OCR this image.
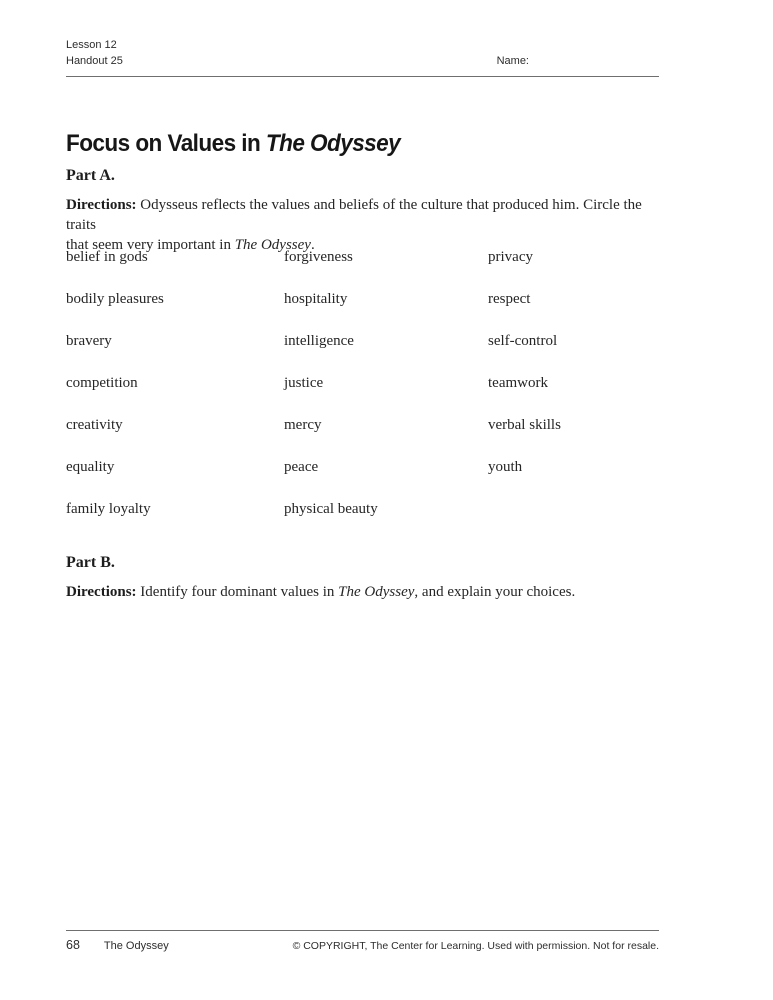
Lesson 12
Handout 25	Name:
Focus on Values in The Odyssey
Part A.

Directions: Odysseus reflects the values and beliefs of the culture that produced him. Circle the traits
that seem very important in The Odyssey.

belief in gods
bodily pleasures
bravery
competition
creativity
equality
family loyalty
forgiveness
hospitality
intelligence
justice
mercy
peace
physical beauty
privacy
respect
self-control
teamwork
verbal skills
youth
Part B.

Directions: Identify four dominant values in The Odyssey, and explain your choices.

68 The Odyssey	© COPYRIGHT, The Center for Learning. Used with permission. Not for resale.
